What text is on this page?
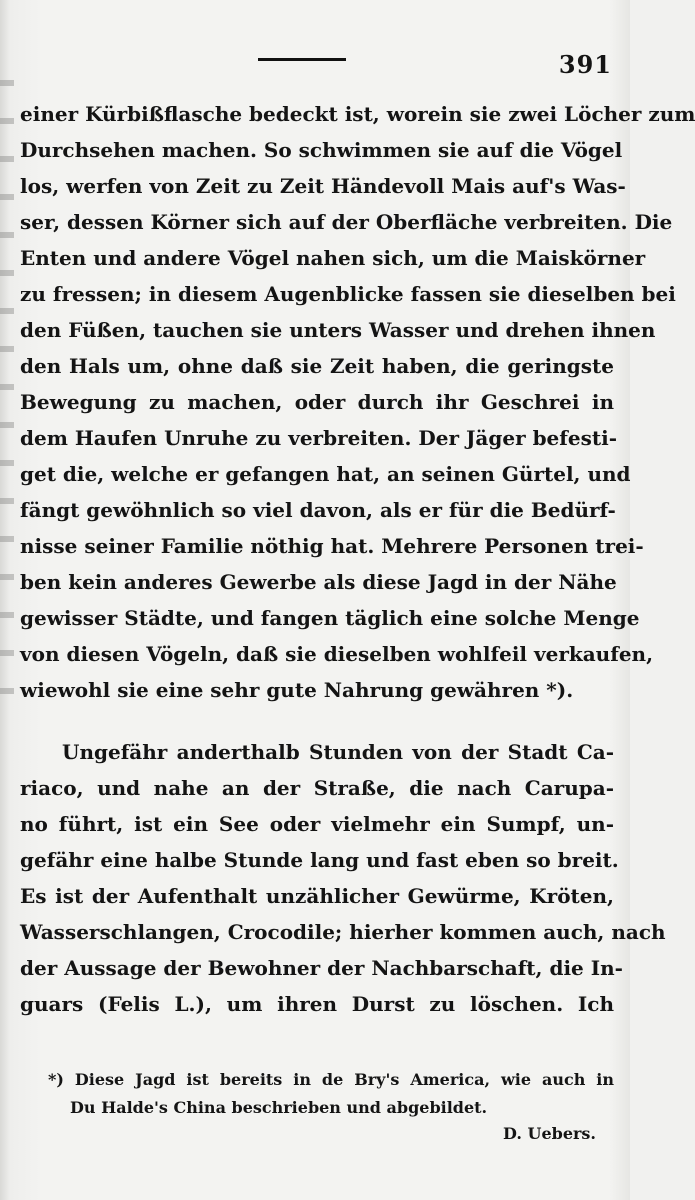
391
einer Kürbißflasche bedeckt ist, worein sie zwei Löcher zum
Durchsehen machen. So schwimmen sie auf die Vögel
los, werfen von Zeit zu Zeit Händevoll Mais auf's Was-
ser, dessen Körner sich auf der Oberfläche verbreiten. Die
Enten und andere Vögel nahen sich, um die Maiskörner
zu fressen; in diesem Augenblicke fassen sie dieselben bei
den Füßen, tauchen sie unters Wasser und drehen ihnen
den Hals um, ohne daß sie Zeit haben, die geringste
Bewegung zu machen, oder durch ihr Geschrei in
dem Haufen Unruhe zu verbreiten. Der Jäger befesti-
get die, welche er gefangen hat, an seinen Gürtel, und
fängt gewöhnlich so viel davon, als er für die Bedürf-
nisse seiner Familie nöthig hat. Mehrere Personen trei-
ben kein anderes Gewerbe als diese Jagd in der Nähe
gewisser Städte, und fangen täglich eine solche Menge
von diesen Vögeln, daß sie dieselben wohlfeil verkaufen,
wiewohl sie eine sehr gute Nahrung gewähren *).
Ungefähr anderthalb Stunden von der Stadt Ca-
riaco, und nahe an der Straße, die nach Carupa-
no führt, ist ein See oder vielmehr ein Sumpf, un-
gefähr eine halbe Stunde lang und fast eben so breit.
Es ist der Aufenthalt unzählicher Gewürme, Kröten,
Wasserschlangen, Crocodile; hierher kommen auch, nach
der Aussage der Bewohner der Nachbarschaft, die In-
guars (Felis L.), um ihren Durst zu löschen. Ich
*) Diese Jagd ist bereits in de Bry's America, wie auch in
Du Halde's China beschrieben und abgebildet.
D. Uebers.
